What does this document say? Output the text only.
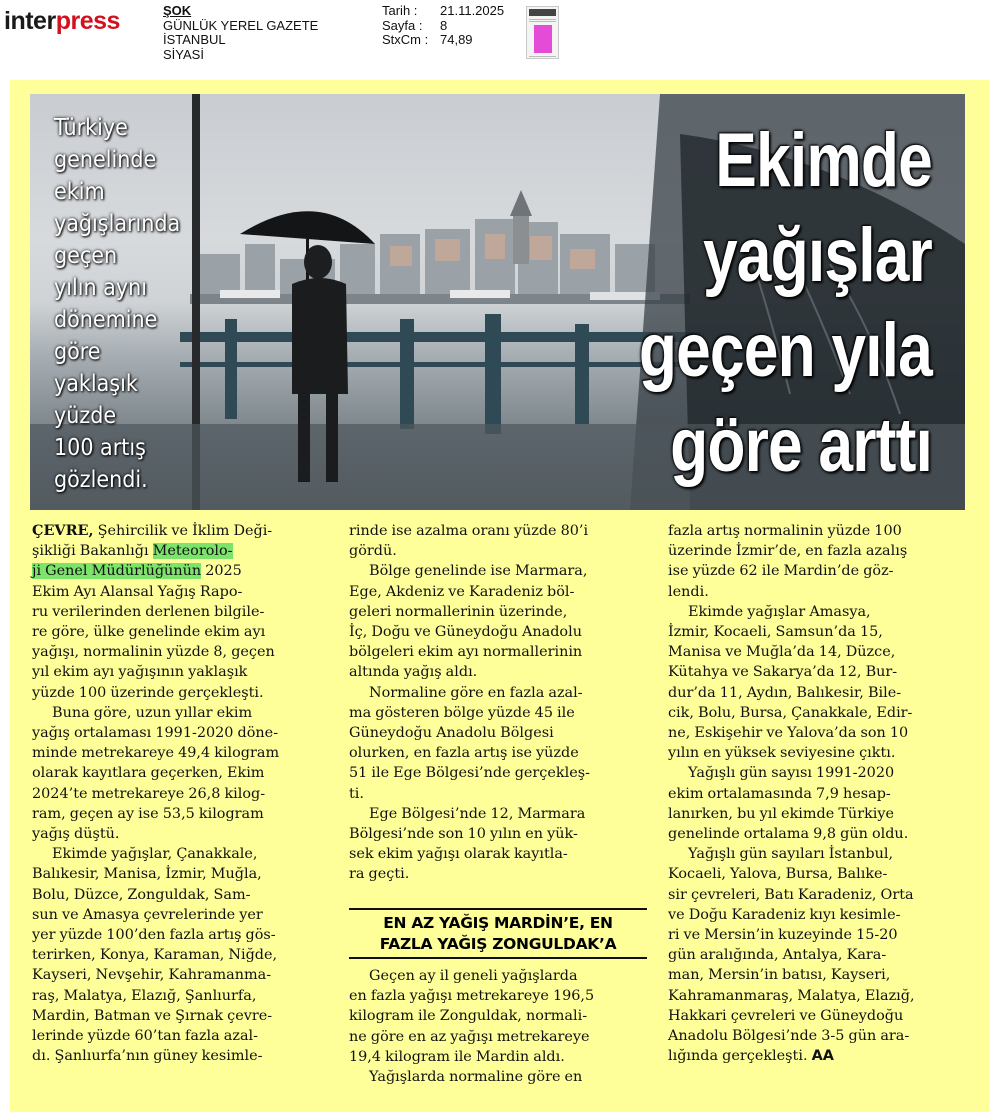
interpress	ŞOK
GÜNLÜK YEREL GAZETE
İSTANBUL
SİYASİ
Tarih :	21.11.2025
Sayfa :	8
StxCm : 74,89
Türkiye
genelinde
ekim
yağışlarında
geçen
yılın aynı
dönemine
göre
yaklaşık
yüzde
100 artış
gözlendi.
Ekimde
yağışlar
geçen yıla
göre arttı

ÇEVRE, Şehircilik ve İklim Deği-

şikliği Bakanlığı Meteorolo-

ji Genel Müdürlüğünün 2025

Ekim Ayı Alansal Yağış Rapo-

ru verilerinden derlenen bilgile-

re göre, ülke genelinde ekim ayı

yağışı, normalinin yüzde 8, geçen

yıl ekim ayı yağışının yaklaşık

yüzde 100 üzerinde gerçekleşti.

Buna göre, uzun yıllar ekim

yağış ortalaması 1991-2020 döne-

minde metrekareye 49,4 kilogram

olarak kayıtlara geçerken, Ekim

2024’te metrekareye 26,8 kilog-

ram, geçen ay ise 53,5 kilogram

yağış düştü.

Ekimde yağışlar, Çanakkale,

Balıkesir, Manisa, İzmir, Muğla,

Bolu, Düzce, Zonguldak, Sam-

sun ve Amasya çevrelerinde yer

yer yüzde 100’den fazla artış gös-

terirken, Konya, Karaman, Niğde,

Kayseri, Nevşehir, Kahramanma-

raş, Malatya, Elazığ, Şanlıurfa,

Mardin, Batman ve Şırnak çevre-

lerinde yüzde 60’tan fazla azal-

dı. Şanlıurfa’nın güney kesimle-

rinde ise azalma oranı yüzde 80’i

gördü.

Bölge genelinde ise Marmara,

Ege, Akdeniz ve Karadeniz böl-

geleri normallerinin üzerinde,

İç, Doğu ve Güneydoğu Anadolu

bölgeleri ekim ayı normallerinin

altında yağış aldı.

Normaline göre en fazla azal-

ma gösteren bölge yüzde 45 ile

Güneydoğu Anadolu Bölgesi

olurken, en fazla artış ise yüzde

51 ile Ege Bölgesi’nde gerçekleş-

ti.

Ege Bölgesi’nde 12, Marmara

Bölgesi’nde son 10 yılın en yük-

sek ekim yağışı olarak kayıtla-

ra geçti.

EN AZ YAĞIŞ MARDİN’E, EN
FAZLA YAĞIŞ ZONGULDAK’A

Geçen ay il geneli yağışlarda

en fazla yağışı metrekareye 196,5

kilogram ile Zonguldak, normali-

ne göre en az yağışı metrekareye

19,4 kilogram ile Mardin aldı.

Yağışlarda normaline göre en

fazla artış normalinin yüzde 100

üzerinde İzmir’de, en fazla azalış

ise yüzde 62 ile Mardin’de göz-

lendi.

Ekimde yağışlar Amasya,

İzmir, Kocaeli, Samsun’da 15,

Manisa ve Muğla’da 14, Düzce,

Kütahya ve Sakarya’da 12, Bur-

dur’da 11, Aydın, Balıkesir, Bile-

cik, Bolu, Bursa, Çanakkale, Edir-

ne, Eskişehir ve Yalova’da son 10

yılın en yüksek seviyesine çıktı.

Yağışlı gün sayısı 1991-2020

ekim ortalamasında 7,9 hesap-

lanırken, bu yıl ekimde Türkiye

genelinde ortalama 9,8 gün oldu.

Yağışlı gün sayıları İstanbul,

Kocaeli, Yalova, Bursa, Balıke-

sir çevreleri, Batı Karadeniz, Orta

ve Doğu Karadeniz kıyı kesimle-

ri ve Mersin’in kuzeyinde 15-20

gün aralığında, Antalya, Kara-

man, Mersin’in batısı, Kayseri,

Kahramanmaraş, Malatya, Elazığ,

Hakkari çevreleri ve Güneydoğu

Anadolu Bölgesi’nde 3-5 gün ara-

lığında gerçekleşti. AA
